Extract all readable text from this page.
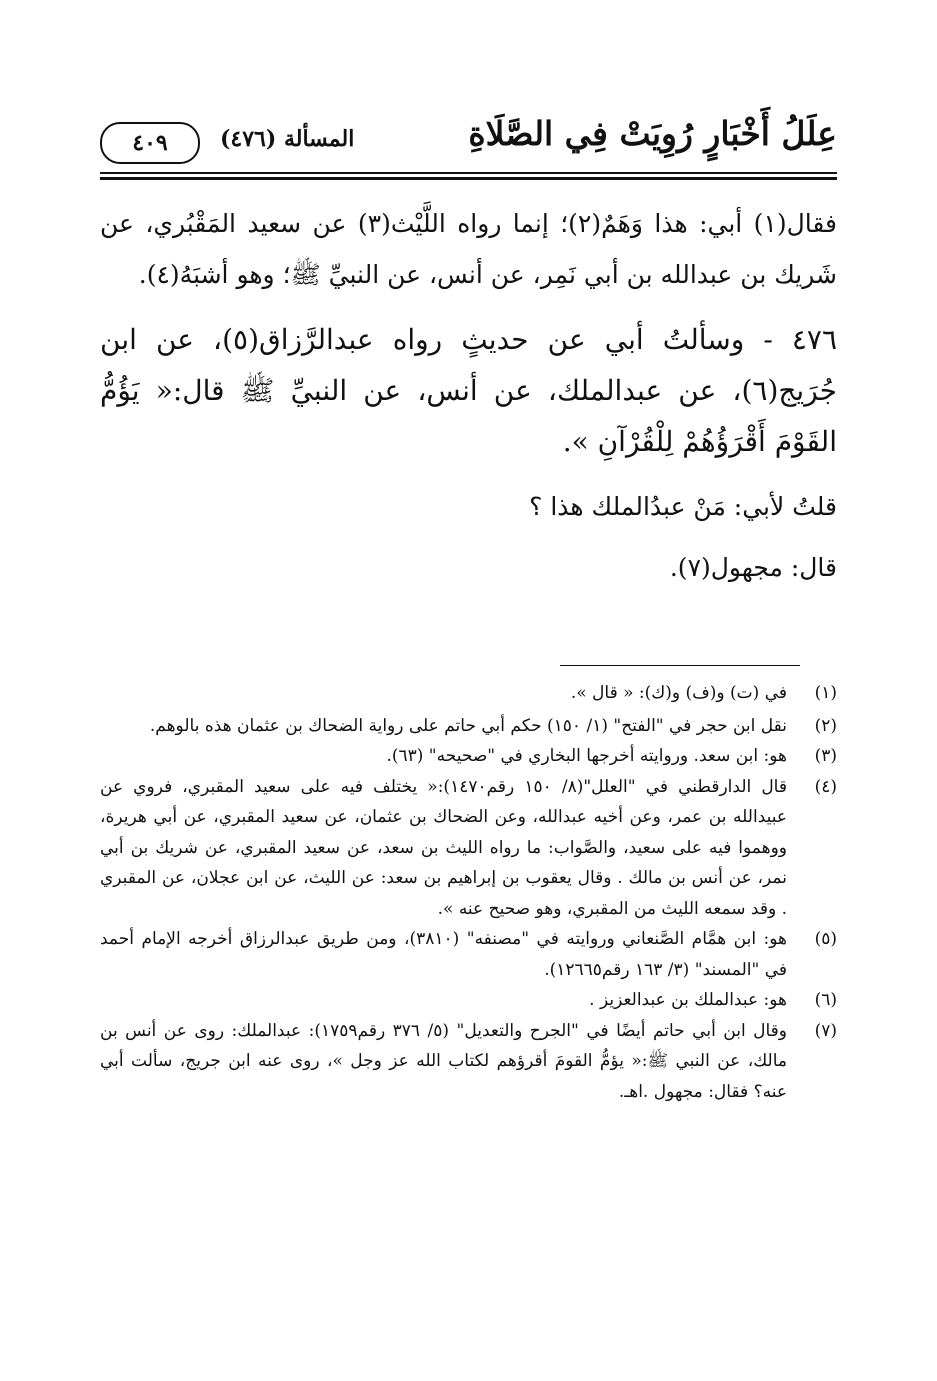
عِلَلُ أَخْبَارٍ رُوِيَتْ فِي الصَّلَاةِ
المسألة (٤٧٦)
٤٠٩

فقال(١) أبي: هذا وَهَمٌ(٢)؛ إنما رواه اللَّيْث(٣) عن سعيد المَقْبُري، عن شَريك بن عبدالله بن أبي نَمِر، عن أنس، عن النبيِّ ﷺ؛ وهو أشبَهُ(٤).

٤٧٦ - وسألتُ أبي عن حديثٍ رواه عبدالرَّزاق(٥)، عن ابن جُرَيج(٦)، عن عبدالملك، عن أنس، عن النبيِّ ﷺ قال:« يَؤُمُّ القَوْمَ أَقْرَؤُهُمْ لِلْقُرْآنِ ».

قلتُ لأبي: مَنْ عبدُالملك هذا ؟

قال: مجهول(٧).

(١)
في (ت) و(ف) و(ك): « قال ».

(٢)
نقل ابن حجر في "الفتح" (١/ ١٥٠) حكم أبي حاتم على رواية الضحاك بن عثمان هذه بالوهم.

(٣)
هو: ابن سعد. وروايته أخرجها البخاري في "صحيحه" (٦٣).

(٤)
قال الدارقطني في "العلل"(٨/ ١٥٠ رقم١٤٧٠):« يختلف فيه على سعيد المقبري، فروي عن عبيدالله بن عمر، وعن أخيه عبدالله، وعن الضحاك بن عثمان، عن سعيد المقبري، عن أبي هريرة، ووهموا فيه على سعيد، والصَّواب: ما رواه الليث بن سعد، عن سعيد المقبري، عن شريك بن أبي نمر، عن أنس بن مالك . وقال يعقوب بن إبراهيم بن سعد: عن الليث، عن ابن عجلان، عن المقبري . وقد سمعه الليث من المقبري، وهو صحيح عنه ».

(٥)
هو: ابن همَّام الصَّنعاني وروايته في "مصنفه" (٣٨١٠)، ومن طريق عبدالرزاق أخرجه الإمام أحمد في "المسند" (٣/ ١٦٣ رقم١٢٦٦٥).

(٦)
هو: عبدالملك بن عبدالعزيز .

(٧)
وقال ابن أبي حاتم أيضًا في "الجرح والتعديل" (٥/ ٣٧٦ رقم١٧٥٩): عبدالملك: روى عن أنس بن مالك، عن النبي ﷺ:« يؤمُّ القومَ أقرؤهم لكتاب الله عز وجل »، روى عنه ابن جريج، سألت أبي عنه؟ فقال: مجهول .اهـ.
